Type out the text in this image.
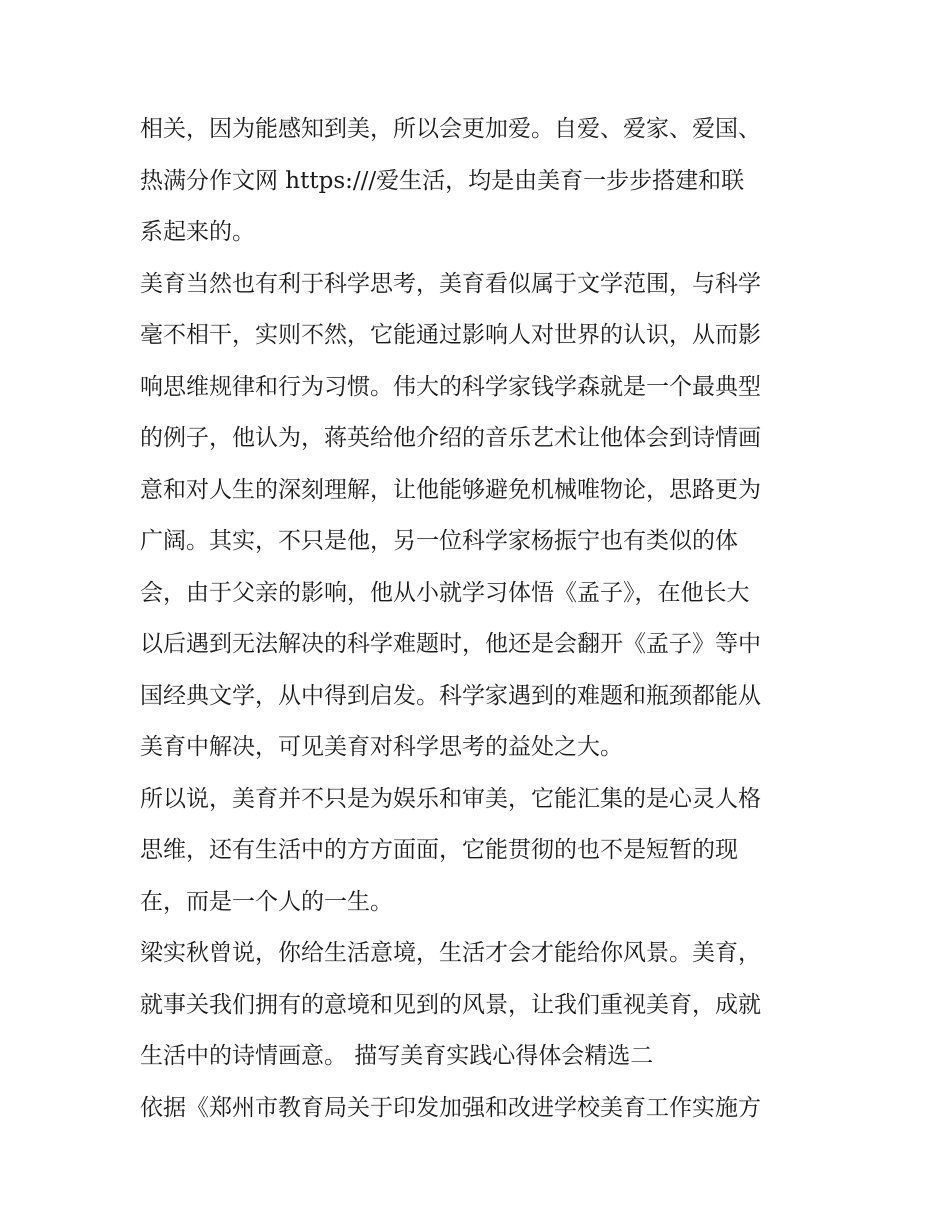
相关，因为能感知到美，所以会更加爱。自爱、爱家、爱国、
热满分作文网 https:///爱生活，均是由美育一步步搭建和联
系起来的。

美育当然也有利于科学思考，美育看似属于文学范围，与科学
毫不相干，实则不然，它能通过影响人对世界的认识，从而影
响思维规律和行为习惯。伟大的科学家钱学森就是一个最典型
的例子，他认为，蒋英给他介绍的音乐艺术让他体会到诗情画
意和对人生的深刻理解，让他能够避免机械唯物论，思路更为
广阔。其实，不只是他，另一位科学家杨振宁也有类似的体
会，由于父亲的影响，他从小就学习体悟《孟子》，在他长大
以后遇到无法解决的科学难题时，他还是会翻开《孟子》等中
国经典文学，从中得到启发。科学家遇到的难题和瓶颈都能从
美育中解决，可见美育对科学思考的益处之大。

所以说，美育并不只是为娱乐和审美，它能汇集的是心灵人格
思维，还有生活中的方方面面，它能贯彻的也不是短暂的现
在，而是一个人的一生。

梁实秋曾说，你给生活意境，生活才会才能给你风景。美育，
就事关我们拥有的意境和见到的风景，让我们重视美育，成就
生活中的诗情画意。 描写美育实践心得体会精选二

依据《郑州市教育局关于印发加强和改进学校美育工作实施方
